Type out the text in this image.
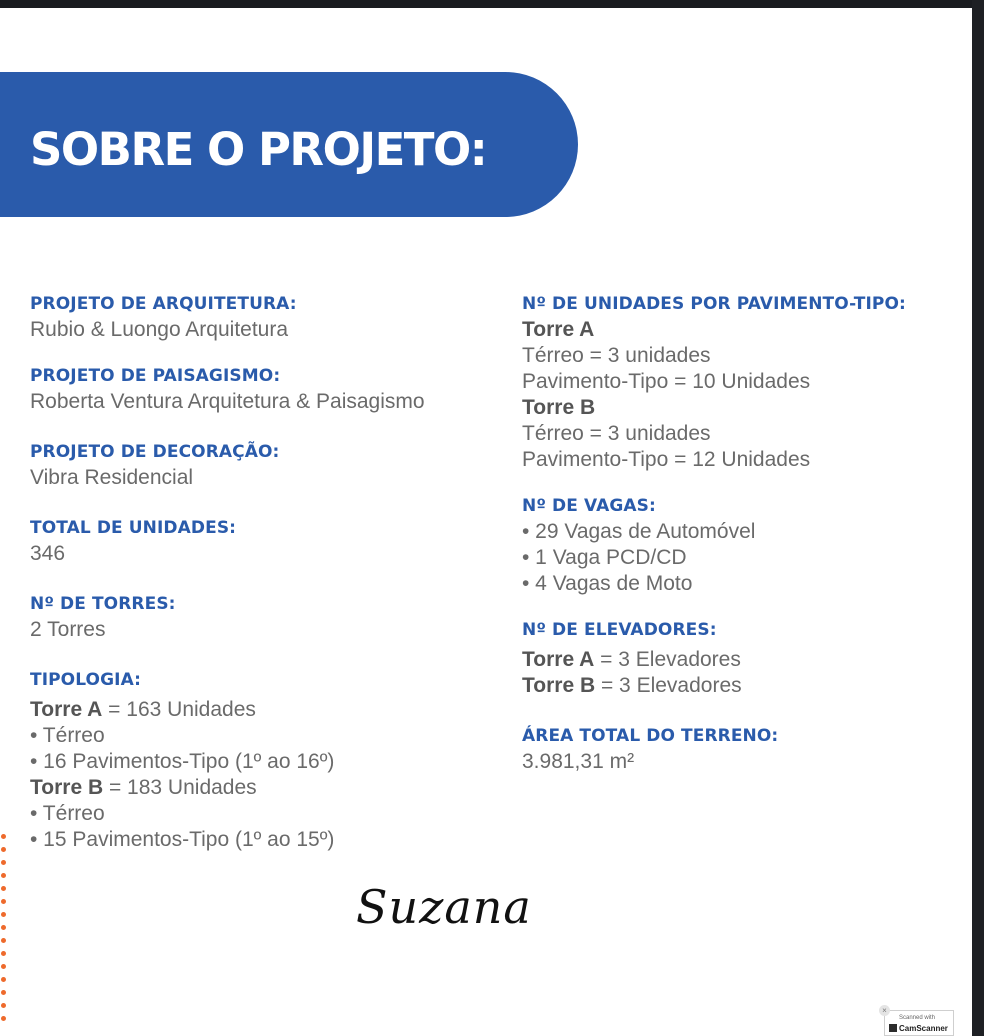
SOBRE O PROJETO:
PROJETO DE ARQUITETURA:
Rubio & Luongo Arquitetura
PROJETO DE PAISAGISMO:
Roberta Ventura Arquitetura & Paisagismo
PROJETO DE DECORAÇÃO:
Vibra Residencial
TOTAL DE UNIDADES:
346
Nº DE TORRES:
2 Torres
TIPOLOGIA:
Torre A = 163 Unidades
• Térreo
• 16 Pavimentos-Tipo (1º ao 16º)
Torre B = 183 Unidades
• Térreo
• 15 Pavimentos-Tipo (1º ao 15º)
Nº DE UNIDADES POR PAVIMENTO-TIPO:
Torre A
Térreo = 3 unidades
Pavimento-Tipo = 10 Unidades
Torre B
Térreo = 3 unidades
Pavimento-Tipo = 12 Unidades
Nº DE VAGAS:
• 29 Vagas de Automóvel
• 1 Vaga PCD/CD
• 4 Vagas de Moto
Nº DE ELEVADORES:
Torre A = 3 Elevadores
Torre B = 3 Elevadores
ÁREA TOTAL DO TERRENO:
3.981,31 m²
Suzana
×
Scanned with
CamScanner
